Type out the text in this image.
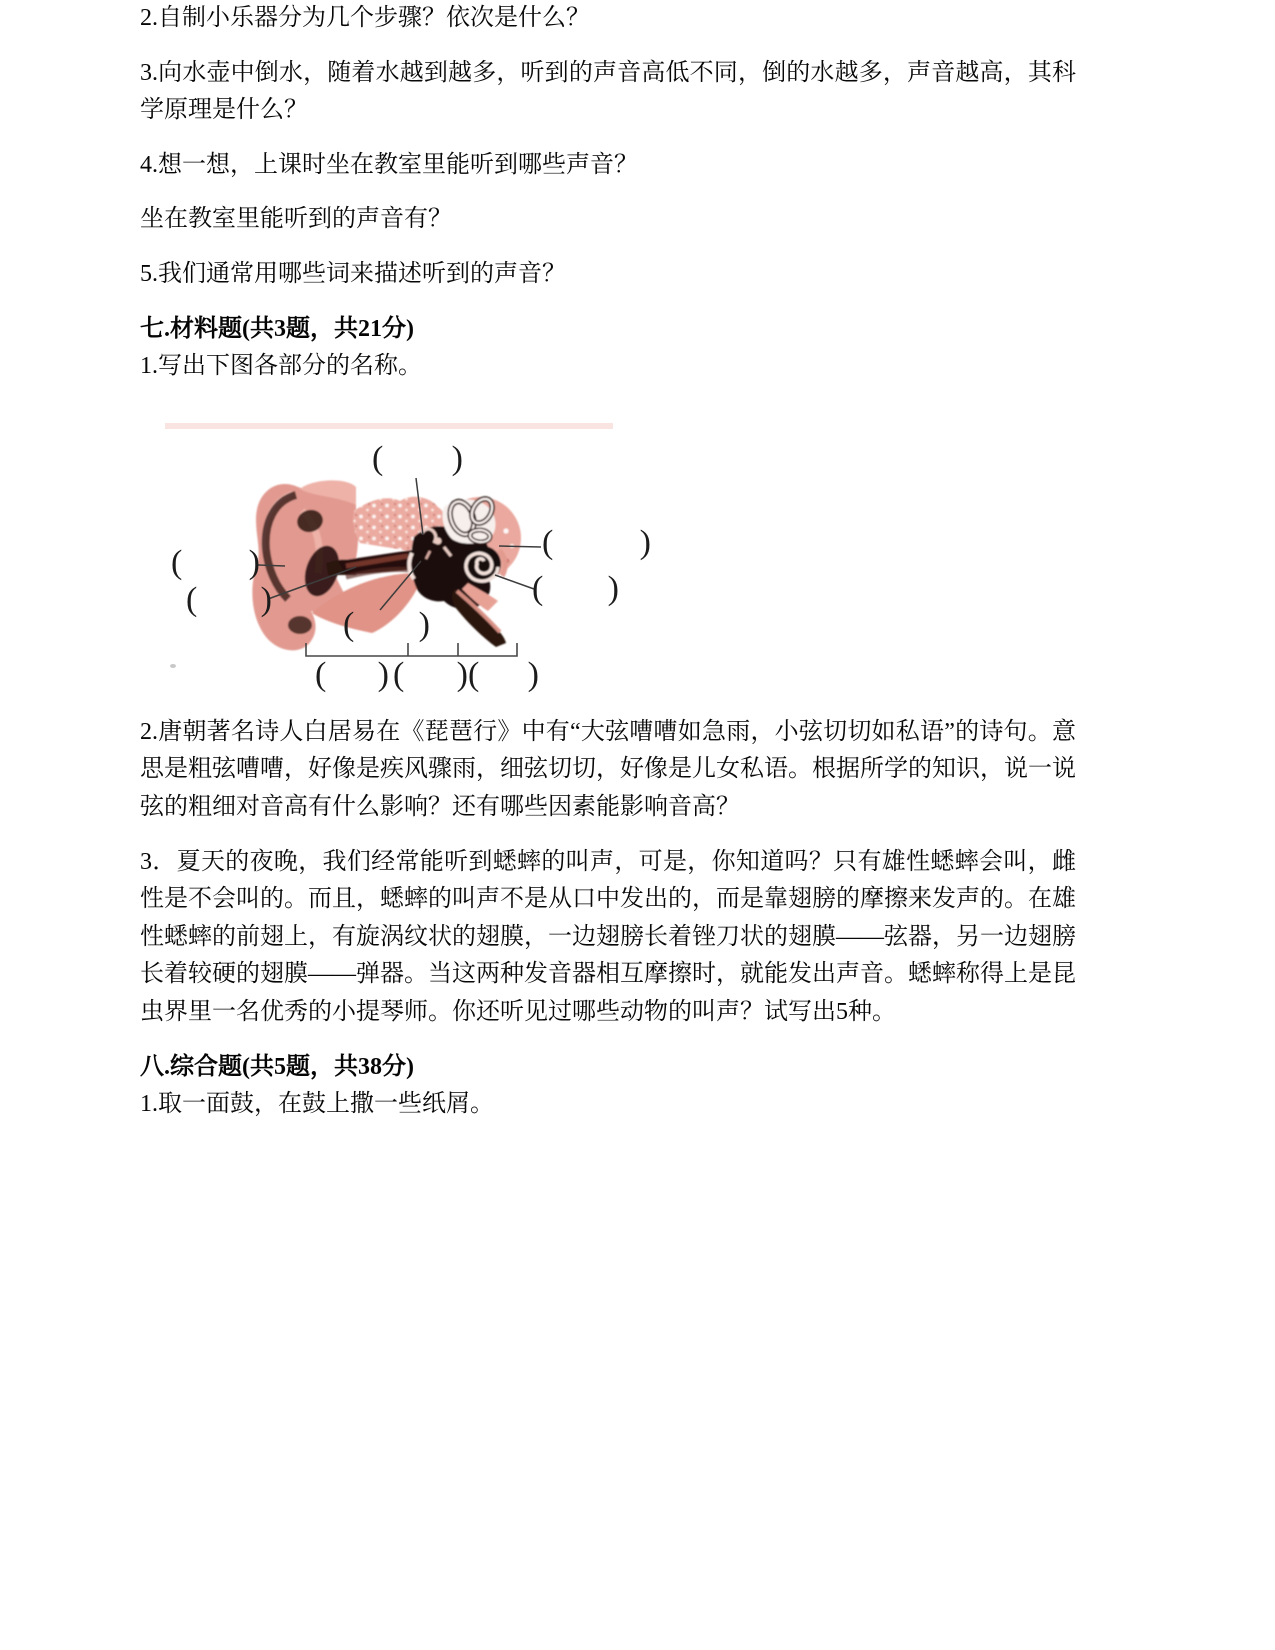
2.自制小乐器分为几个步骤？依次是什么？

3.向水壶中倒水，随着水越到越多，听到的声音高低不同，倒的水越多，声音越高，其科学原理是什么？

4.想一想，上课时坐在教室里能听到哪些声音？

坐在教室里能听到的声音有？

5.我们通常用哪些词来描述听到的声音？

七.材料题(共3题，共21分)

1.写出下图各部分的名称。

( )
( )
( )
(	)
( )
( )
( ) ( ) ( )

2.唐朝著名诗人白居易在《琵琶行》中有“大弦嘈嘈如急雨，小弦切切如私语”的诗句。意思是粗弦嘈嘈，好像是疾风骤雨，细弦切切，好像是儿女私语。根据所学的知识，说一说弦的粗细对音高有什么影响？还有哪些因素能影响音高？

3．夏天的夜晚，我们经常能听到蟋蟀的叫声，可是，你知道吗？只有雄性蟋蟀会叫，雌性是不会叫的。而且，蟋蟀的叫声不是从口中发出的，而是靠翅膀的摩擦来发声的。在雄性蟋蟀的前翅上，有旋涡纹状的翅膜，一边翅膀长着锉刀状的翅膜——弦器，另一边翅膀长着较硬的翅膜——弹器。当这两种发音器相互摩擦时，就能发出声音。蟋蟀称得上是昆虫界里一名优秀的小提琴师。你还听见过哪些动物的叫声？试写出5种。

八.综合题(共5题，共38分)

1.取一面鼓，在鼓上撒一些纸屑。
